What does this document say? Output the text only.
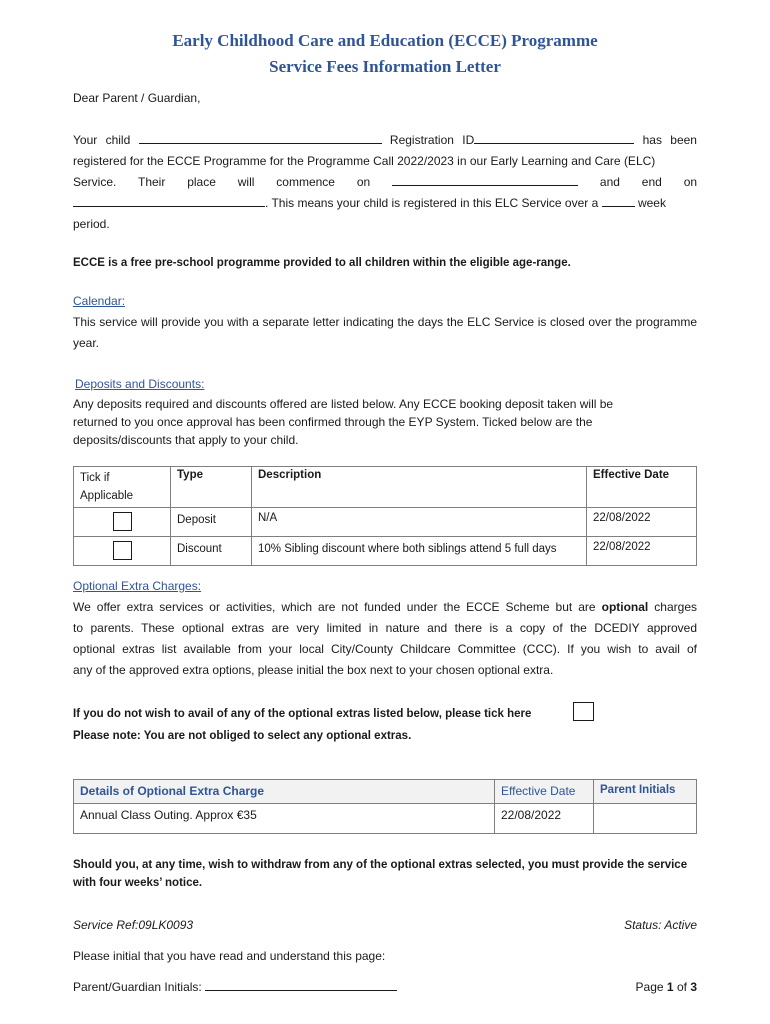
Early Childhood Care and Education (ECCE) Programme
Service Fees Information Letter
Dear Parent / Guardian,
Your child	Registration ID	has been
registered for the ECCE Programme for the Programme Call 2022/2023 in our Early Learning and Care (ELC)
Service. Their place will commence on	and end on
. This means your child is registered in this ELC Service over a	week
period.
ECCE is a free pre-school programme provided to all children within the eligible age-range.
Calendar:
This service will provide you with a separate letter indicating the days the ELC Service is closed over the programme year.
Deposits and Discounts:
Any deposits required and discounts offered are listed below. Any ECCE booking deposit taken will be
returned to you once approval has been confirmed through the EYP System. Ticked below are the
deposits/discounts that apply to your child.
Tick if Applicable	Type	Description	Effective Date
	Deposit	N/A	22/08/2022
	Discount	10% Sibling discount where both siblings attend 5 full days	22/08/2022
Optional Extra Charges:
We offer extra services or activities, which are not funded under the ECCE Scheme but are optional charges
to parents. These optional extras are very limited in nature and there is a copy of the DCEDIY approved
optional extras list available from your local City/County Childcare Committee (CCC). If you wish to avail of
any of the approved extra options, please initial the box next to your chosen optional extra.
If you do not wish to avail of any of the optional extras listed below, please tick here
Please note: You are not obliged to select any optional extras.
Details of Optional Extra Charge	Effective Date	Parent Initials
Annual Class Outing. Approx €35	22/08/2022	
Should you, at any time, wish to withdraw from any of the optional extras selected, you must provide the service with four weeks’ notice.
Service Ref:09LK0093	Status: Active
Please initial that you have read and understand this page:
Parent/Guardian Initials:	Page 1 of 3
